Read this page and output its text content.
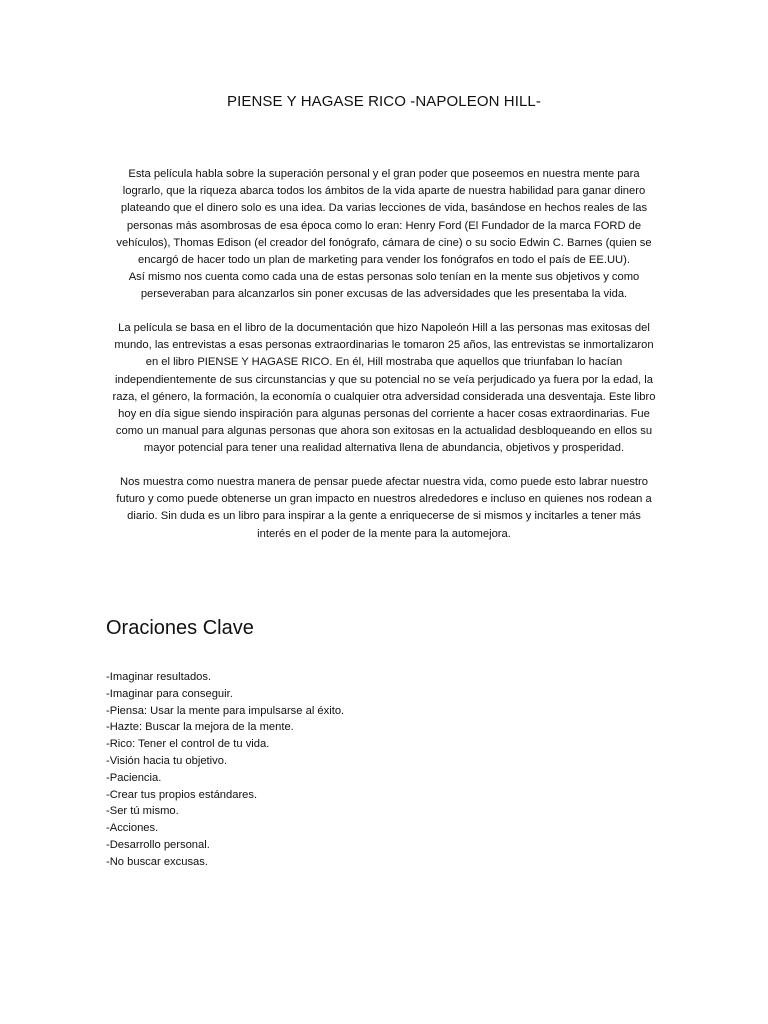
PIENSE Y HAGASE RICO -NAPOLEON HILL-

Esta película habla sobre la superación personal y el gran poder que poseemos en nuestra mente para

lograrlo, que la riqueza abarca todos los ámbitos de la vida aparte de nuestra habilidad para ganar dinero

plateando que el dinero solo es una idea. Da varias lecciones de vida, basándose en hechos reales de las

personas más asombrosas de esa época como lo eran: Henry Ford (El Fundador de la marca FORD de

vehículos), Thomas Edison (el creador del fonógrafo, cámara de cine) o su socio Edwin C. Barnes (quien se

encargó de hacer todo un plan de marketing para vender los fonógrafos en todo el país de EE.UU).

Así mismo nos cuenta como cada una de estas personas solo tenían en la mente sus objetivos y como

perseveraban para alcanzarlos sin poner excusas de las adversidades que les presentaba la vida.

La película se basa en el libro de la documentación que hizo Napoleón Hill a las personas mas exitosas del

mundo, las entrevistas a esas personas extraordinarias le tomaron 25 años, las entrevistas se inmortalizaron

en el libro PIENSE Y HAGASE RICO. En él, Hill mostraba que aquellos que triunfaban lo hacían

independientemente de sus circunstancias y que su potencial no se veía perjudicado ya fuera por la edad, la

raza, el género, la formación, la economía o cualquier otra adversidad considerada una desventaja. Este libro

hoy en día sigue siendo inspiración para algunas personas del corriente a hacer cosas extraordinarias. Fue

como un manual para algunas personas que ahora son exitosas en la actualidad desbloqueando en ellos su

mayor potencial para tener una realidad alternativa llena de abundancia, objetivos y prosperidad.

Nos muestra como nuestra manera de pensar puede afectar nuestra vida, como puede esto labrar nuestro

futuro y como puede obtenerse un gran impacto en nuestros alrededores e incluso en quienes nos rodean a

diario. Sin duda es un libro para inspirar a la gente a enriquecerse de si mismos y incitarles a tener más

interés en el poder de la mente para la automejora.

Oraciones Clave
-Imaginar resultados.
-Imaginar para conseguir.
-Piensa: Usar la mente para impulsarse al éxito.
-Hazte: Buscar la mejora de la mente.
-Rico: Tener el control de tu vida.
-Visión hacia tu objetivo.
-Paciencia.
-Crear tus propios estándares.
-Ser tú mismo.
-Acciones.
-Desarrollo personal.
-No buscar excusas.
